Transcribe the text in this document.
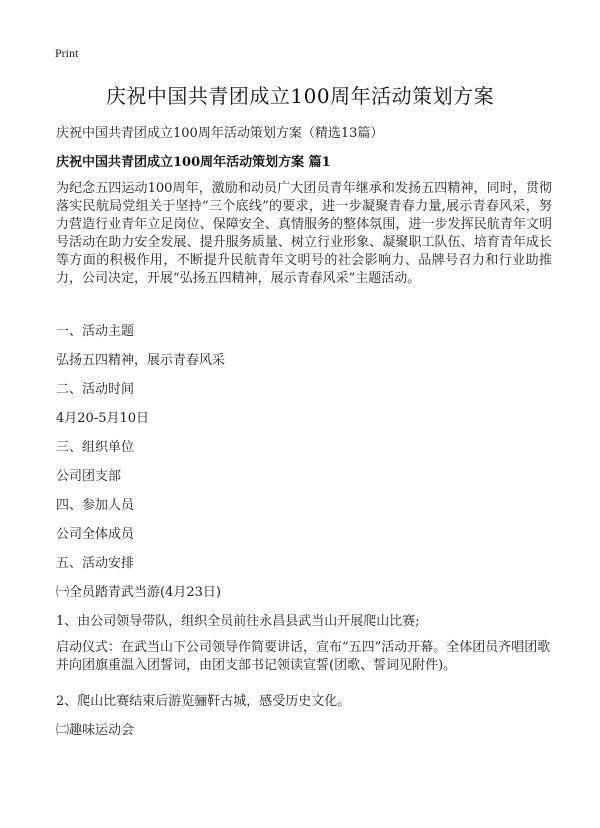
Print
庆祝中国共青团成立100周年活动策划方案
庆祝中国共青团成立100周年活动策划方案（精选13篇）
庆祝中国共青团成立100周年活动策划方案 篇1
为纪念五四运动100周年，激励和动员广大团员青年继承和发扬五四精神，同时，贯彻落实民航局党组关于坚持“三个底线”的要求，进一步凝聚青春力量,展示青春风采，努力营造行业青年立足岗位、保障安全、真情服务的整体氛围，进一步发挥民航青年文明号活动在助力安全发展、提升服务质量、树立行业形象、凝聚职工队伍、培育青年成长等方面的积极作用，不断提升民航青年文明号的社会影响力、品牌号召力和行业助推力，公司决定，开展“弘扬五四精神，展示青春风采”主题活动。
一、活动主题
弘扬五四精神，展示青春风采
二、活动时间
4月20-5月10日
三、组织单位
公司团支部
四、参加人员
公司全体成员
五、活动安排
㈠全员踏青武当游(4月23日)
1、由公司领导带队，组织全员前往永昌县武当山开展爬山比赛;
启动仪式：在武当山下公司领导作简要讲话，宣布“五四”活动开幕。全体团员齐唱团歌并向团旗重温入团誓词，由团支部书记领读宣誓(团歌、誓词见附件)。
2、爬山比赛结束后游览骊靬古城，感受历史文化。
㈡趣味运动会
